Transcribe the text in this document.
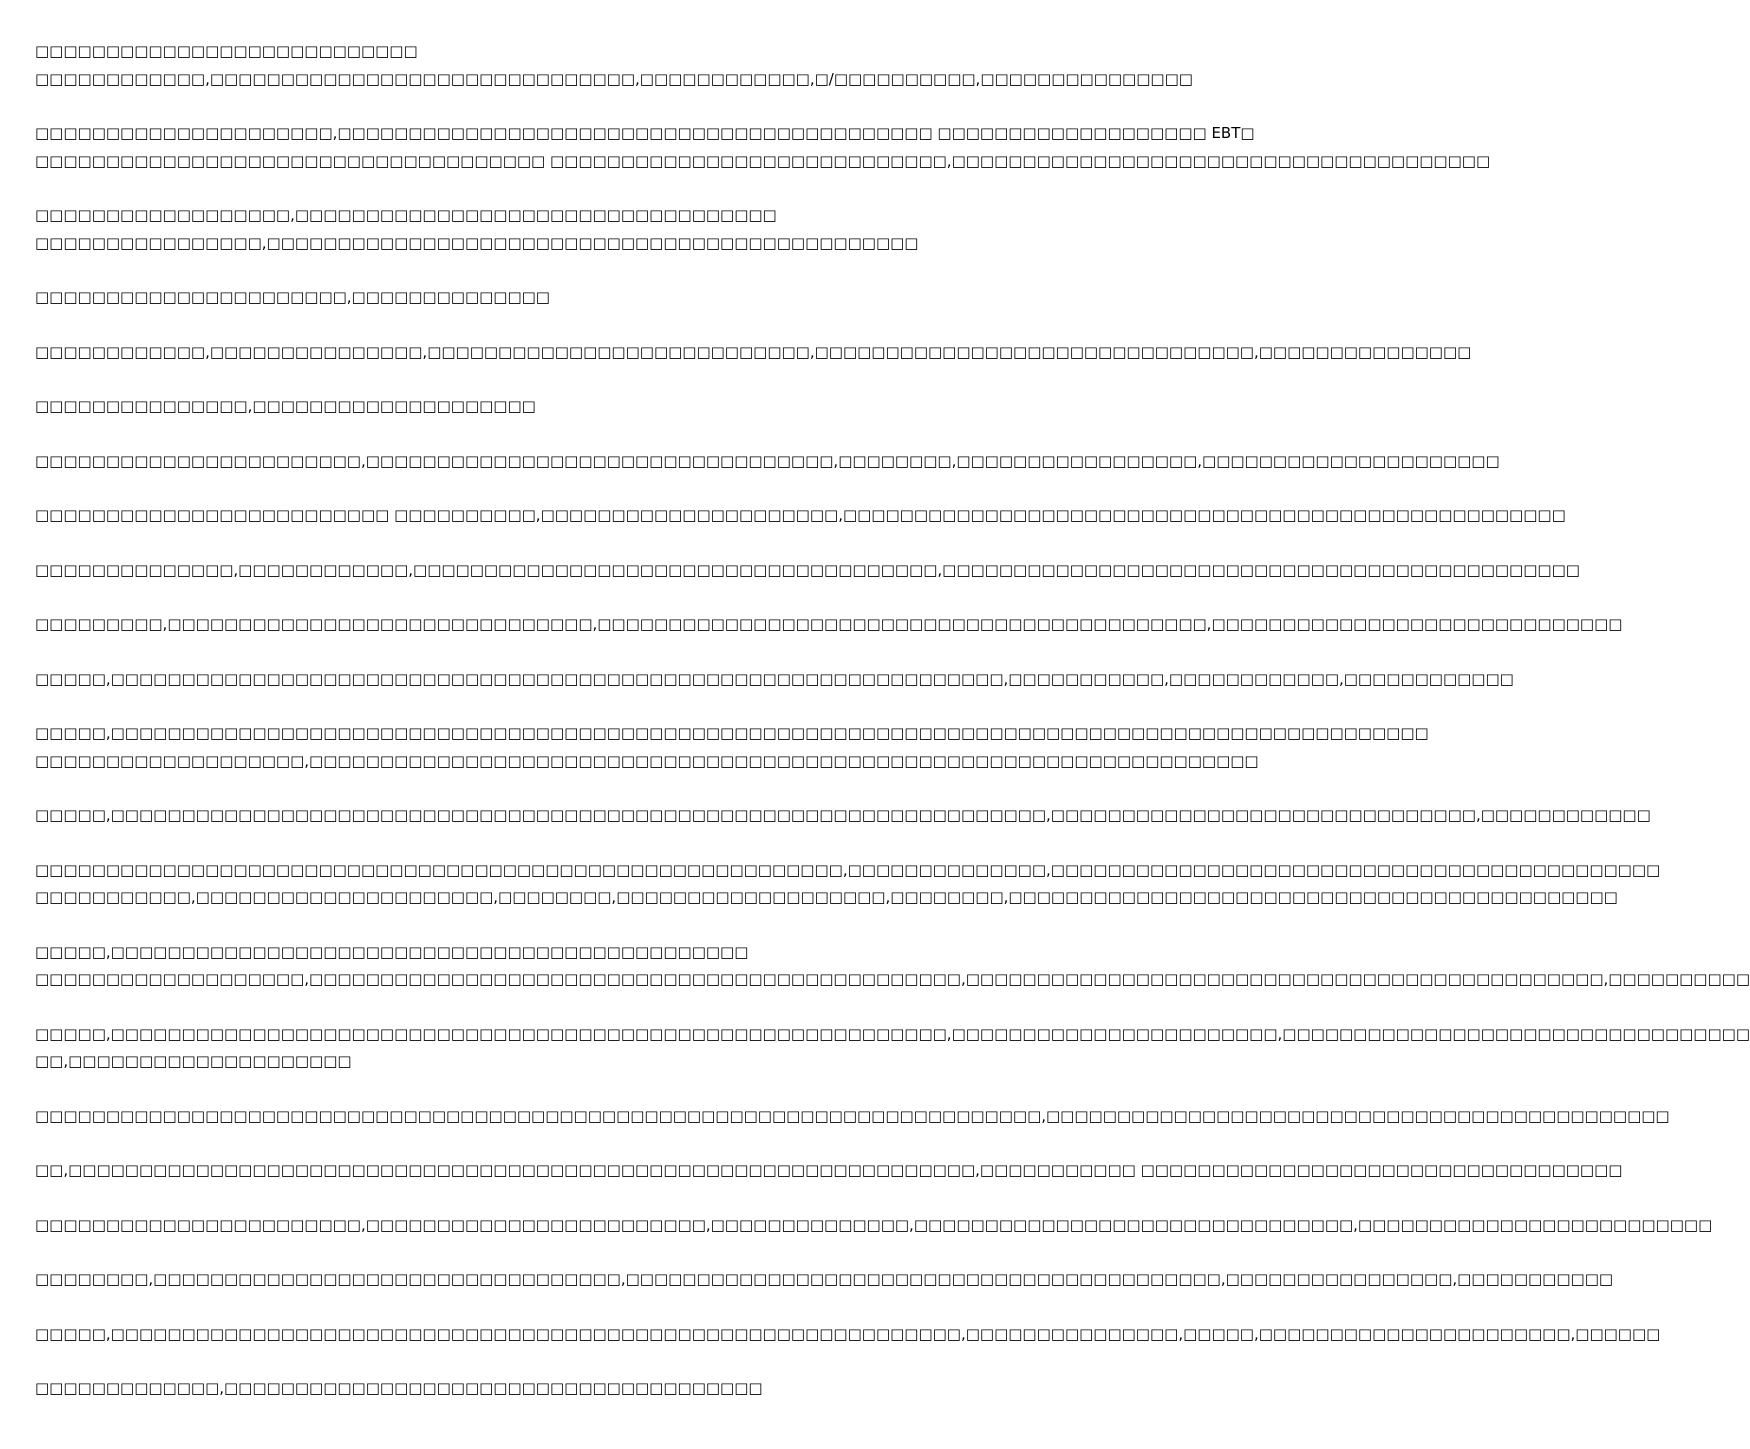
□□□□□□□□□□□□□□□□□□□□□□□□□□□
□□□□□□□□□□□□,□□□□□□□□□□□□□□□□□□□□□□□□□□□□□□,□□□□□□□□□□□□,□/□□□□□□□□□□,□□□□□□□□□□□□□□□
□□□□□□□□□□□□□□□□□□□□□,□□□□□□□□□□□□□□□□□□□□□□□□□□□□□□□□□□□□□□□□□□ □□□□□□□□□□□□□□□□□□□ EBT□
□□□□□□□□□□□□□□□□□□□□□□□□□□□□□□□□□□□□ □□□□□□□□□□□□□□□□□□□□□□□□□□□□,□□□□□□□□□□□□□□□□□□□□□□□□□□□□□□□□□□□□□□
□□□□□□□□□□□□□□□□□□,□□□□□□□□□□□□□□□□□□□□□□□□□□□□□□□□□□
□□□□□□□□□□□□□□□□,□□□□□□□□□□□□□□□□□□□□□□□□□□□□□□□□□□□□□□□□□□□□□□
□□□□□□□□□□□□□□□□□□□□□□,□□□□□□□□□□□□□□
□□□□□□□□□□□□,□□□□□□□□□□□□□□□,□□□□□□□□□□□□□□□□□□□□□□□□□□□,□□□□□□□□□□□□□□□□□□□□□□□□□□□□□□□,□□□□□□□□□□□□□□□
□□□□□□□□□□□□□□□,□□□□□□□□□□□□□□□□□□□□
□□□□□□□□□□□□□□□□□□□□□□□,□□□□□□□□□□□□□□□□□□□□□□□□□□□□□□□□□,□□□□□□□□,□□□□□□□□□□□□□□□□□,□□□□□□□□□□□□□□□□□□□□□
□□□□□□□□□□□□□□□□□□□□□□□□□ □□□□□□□□□□,□□□□□□□□□□□□□□□□□□□□□,□□□□□□□□□□□□□□□□□□□□□□□□□□□□□□□□□□□□□□□□□□□□□□□□□□□
□□□□□□□□□□□□□□,□□□□□□□□□□□□,□□□□□□□□□□□□□□□□□□□□□□□□□□□□□□□□□□□□□,□□□□□□□□□□□□□□□□□□□□□□□□□□□□□□□□□□□□□□□□□□□□□
□□□□□□□□□,□□□□□□□□□□□□□□□□□□□□□□□□□□□□□□,□□□□□□□□□□□□□□□□□□□□□□□□□□□□□□□□□□□□□□□□□□□,□□□□□□□□□□□□□□□□□□□□□□□□□□□□□
□□□□□,□□□□□□□□□□□□□□□□□□□□□□□□□□□□□□□□□□□□□□□□□□□□□□□□□□□□□□□□□□□□□□□,□□□□□□□□□□□,□□□□□□□□□□□□,□□□□□□□□□□□□
□□□□□,□□□□□□□□□□□□□□□□□□□□□□□□□□□□□□□□□□□□□□□□□□□□□□□□□□□□□□□□□□□□□□□□□□□□□□□□□□□□□□□□□□□□□□□□□□□□□
□□□□□□□□□□□□□□□□□□□,□□□□□□□□□□□□□□□□□□□□□□□□□□□□□□□□□□□□□□□□□□□□□□□□□□□□□□□□□□□□□□□□□□□
□□□□□,□□□□□□□□□□□□□□□□□□□□□□□□□□□□□□□□□□□□□□□□□□□□□□□□□□□□□□□□□□□□□□□□□□,□□□□□□□□□□□□□□□□□□□□□□□□□□□□□□,□□□□□□□□□□□□
□□□□□□□□□□□□□□□□□□□□□□□□□□□□□□□□□□□□□□□□□□□□□□□□□□□□□□□□□,□□□□□□□□□□□□□□,□□□□□□□□□□□□□□□□□□□□□□□□□□□□□□□□□□□□□□□□□□□
□□□□□□□□□□□,□□□□□□□□□□□□□□□□□□□□□,□□□□□□□□,□□□□□□□□□□□□□□□□□□□,□□□□□□□□,□□□□□□□□□□□□□□□□□□□□□□□□□□□□□□□□□□□□□□□□□□□
□□□□□,□□□□□□□□□□□□□□□□□□□□□□□□□□□□□□□□□□□□□□□□□□□□□
□□□□□□□□□□□□□□□□□□□,□□□□□□□□□□□□□□□□□□□□□□□□□□□□□□□□□□□□□□□□□□□□□□,□□□□□□□□□□□□□□□□□□□□□□□□□□□□□□□□□□□□□□□□□□□□□,□□□□□□□□□□
□□□□□,□□□□□□□□□□□□□□□□□□□□□□□□□□□□□□□□□□□□□□□□□□□□□□□□□□□□□□□□□□□,□□□□□□□□□□□□□□□□□□□□□□□,□□□□□□□□□□□□□□□□□□□□□□□□□□□□□□□□□
□□,□□□□□□□□□□□□□□□□□□□□
□□□□□□□□□□□□□□□□□□□□□□□□□□□□□□□□□□□□□□□□□□□□□□□□□□□□□□□□□□□□□□□□□□□□□□□,□□□□□□□□□□□□□□□□□□□□□□□□□□□□□□□□□□□□□□□□□□□□
□□,□□□□□□□□□□□□□□□□□□□□□□□□□□□□□□□□□□□□□□□□□□□□□□□□□□□□□□□□□□□□□□□□,□□□□□□□□□□□ □□□□□□□□□□□□□□□□□□□□□□□□□□□□□□□□□□
□□□□□□□□□□□□□□□□□□□□□□□,□□□□□□□□□□□□□□□□□□□□□□□□,□□□□□□□□□□□□□□,□□□□□□□□□□□□□□□□□□□□□□□□□□□□□□□,□□□□□□□□□□□□□□□□□□□□□□□□□
□□□□□□□□,□□□□□□□□□□□□□□□□□□□□□□□□□□□□□□□□□,□□□□□□□□□□□□□□□□□□□□□□□□□□□□□□□□□□□□□□□□□□,□□□□□□□□□□□□□□□□,□□□□□□□□□□□
□□□□□,□□□□□□□□□□□□□□□□□□□□□□□□□□□□□□□□□□□□□□□□□□□□□□□□□□□□□□□□□□□□,□□□□□□□□□□□□□□□,□□□□□,□□□□□□□□□□□□□□□□□□□□□□,□□□□□□
□□□□□□□□□□□□□,□□□□□□□□□□□□□□□□□□□□□□□□□□□□□□□□□□□□□□
